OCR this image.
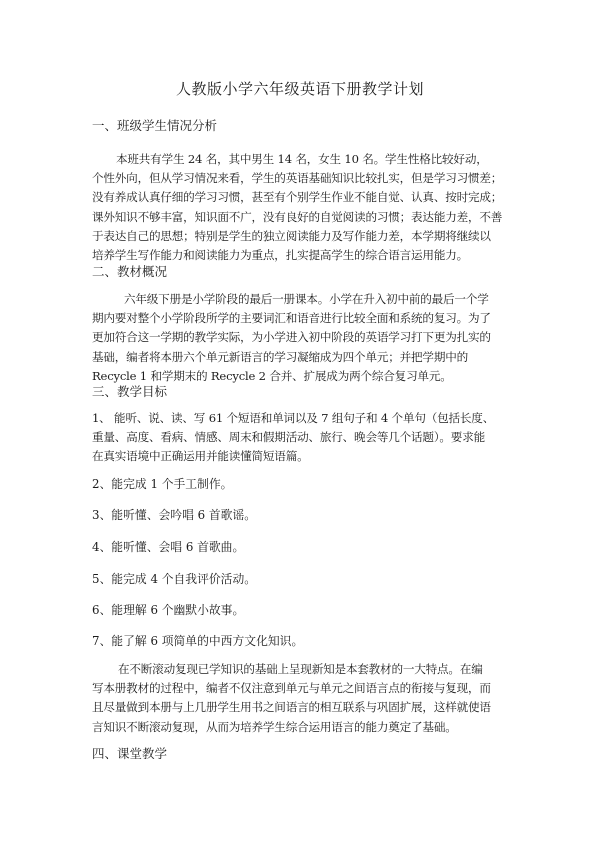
人教版小学六年级英语下册教学计划
一、班级学生情况分析
本班共有学生 24 名，其中男生 14 名，女生 10 名。学生性格比较好动，
个性外向，但从学习情况来看，学生的英语基础知识比较扎实，但是学习习惯差；
没有养成认真仔细的学习习惯，甚至有个别学生作业不能自觉、认真、按时完成；
课外知识不够丰富，知识面不广，没有良好的自觉阅读的习惯；表达能力差，不善
于表达自己的思想；特别是学生的独立阅读能力及写作能力差，本学期将继续以
培养学生写作能力和阅读能力为重点，扎实提高学生的综合语言运用能力。
二、教材概况
六年级下册是小学阶段的最后一册课本。小学在升入初中前的最后一个学
期内要对整个小学阶段所学的主要词汇和语音进行比较全面和系统的复习。为了
更加符合这一学期的教学实际，为小学进入初中阶段的英语学习打下更为扎实的
基础，编者将本册六个单元新语言的学习凝缩成为四个单元；并把学期中的
Recycle 1 和学期末的 Recycle 2 合并、扩展成为两个综合复习单元。
三、教学目标
1、 能听、说、读、写 61 个短语和单词以及 7 组句子和 4 个单句（包括长度、
重量、高度、看病、情感、周末和假期活动、旅行、晚会等几个话题）。要求能
在真实语境中正确运用并能读懂简短语篇。
2、能完成 1 个手工制作。
3、能听懂、会吟唱 6 首歌谣。
4、能听懂、会唱 6 首歌曲。
5、能完成 4 个自我评价活动。
6、能理解 6 个幽默小故事。
7、能了解 6 项简单的中西方文化知识。
在不断滚动复现已学知识的基础上呈现新知是本套教材的一大特点。在编
写本册教材的过程中，编者不仅注意到单元与单元之间语言点的衔接与复现，而
且尽量做到本册与上几册学生用书之间语言的相互联系与巩固扩展，这样就使语
言知识不断滚动复现，从而为培养学生综合运用语言的能力奠定了基础。
四、课堂教学
